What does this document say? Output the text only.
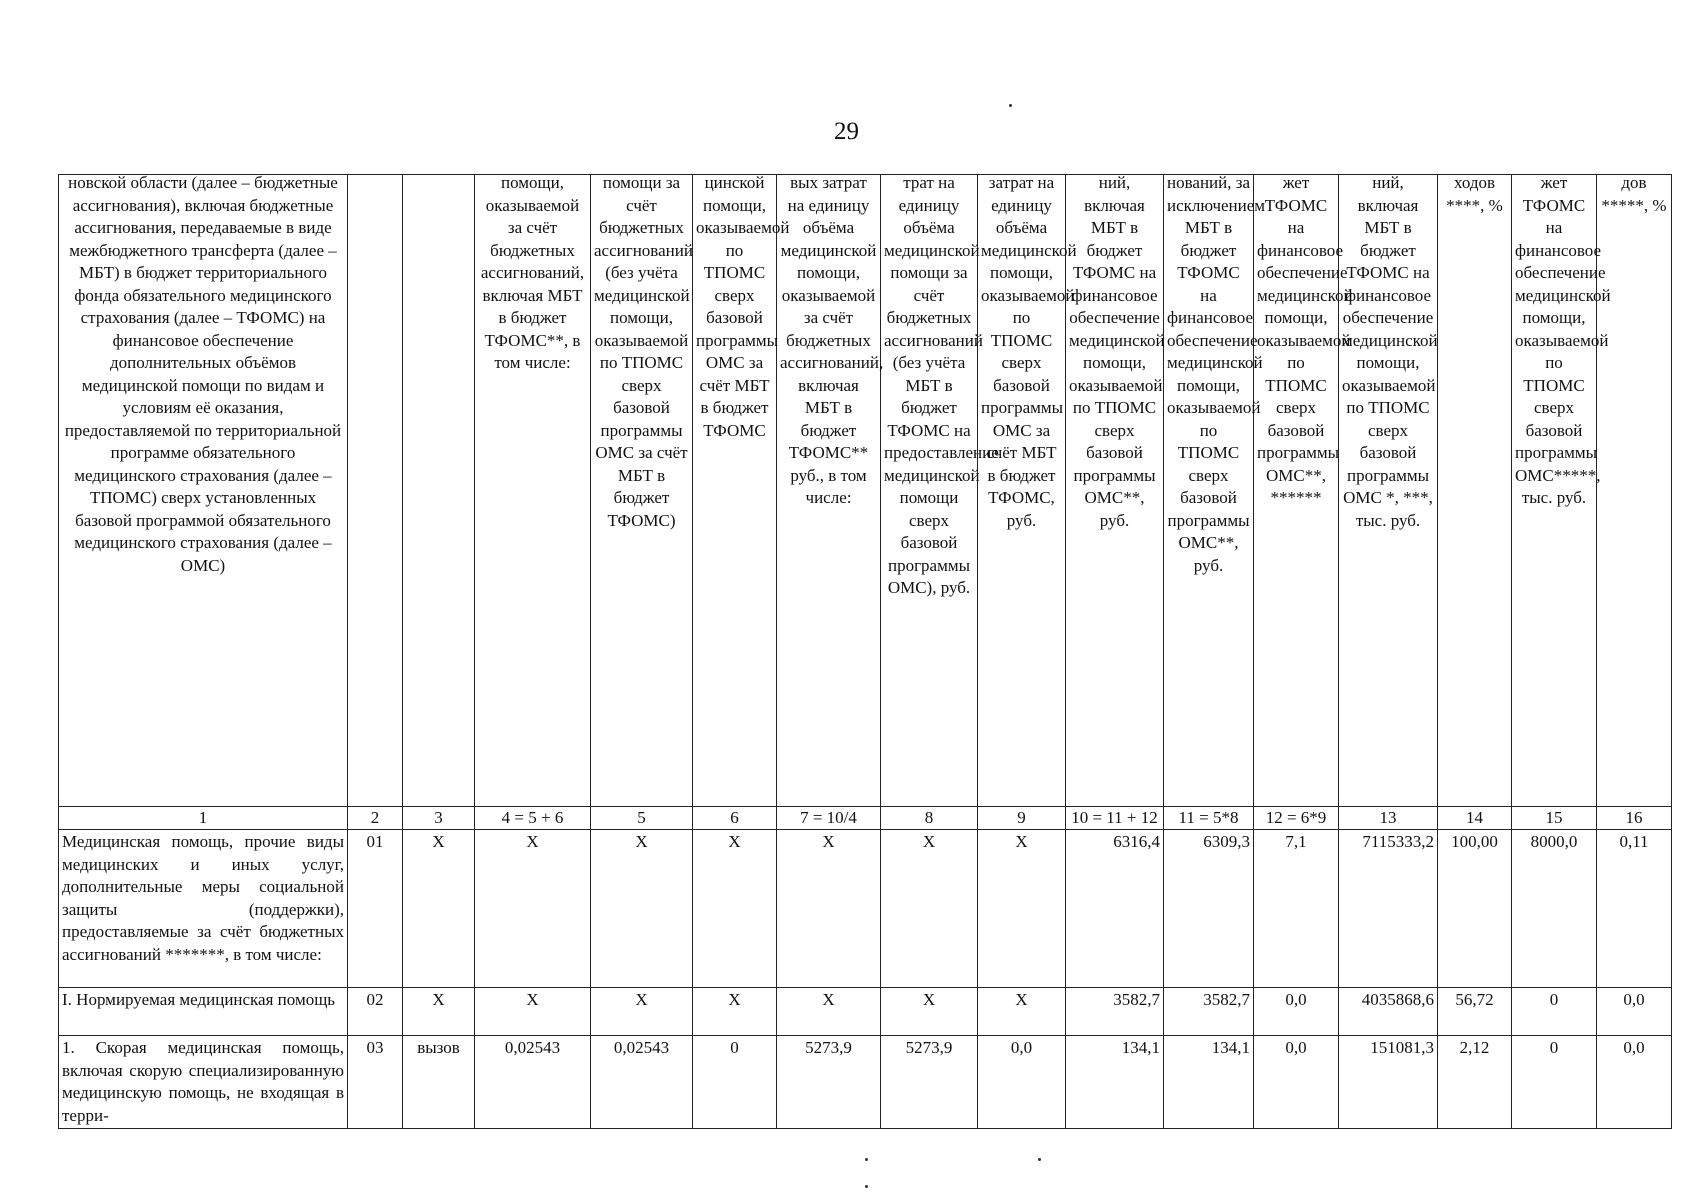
29
новской области (далее – бюджетные ассигнования), включая бюджетные ассигнования, передаваемые в виде межбюджетного трансферта (далее – МБТ) в бюджет территориального фонда обязательного медицинского страхования (далее – ТФОМС) на финансовое обеспечение дополнительных объёмов медицинской помощи по видам и условиям её оказания, предоставляемой по территориальной программе обязательного медицинского страхования (далее – ТПОМС) сверх установленных базовой программой обязательного медицинского страхования (далее – ОМС)			помощи, оказываемой за счёт бюджетных ассигнований, включая МБТ в бюджет ТФОМС**, в том числе:	помощи за счёт бюджетных ассигнований (без учёта медицинской помощи, оказываемой по ТПОМС сверх базовой программы ОМС за счёт МБТ в бюджет ТФОМС)	цинской помощи, оказываемой по ТПОМС сверх базовой программы ОМС за счёт МБТ в бюджет ТФОМС	вых затрат на единицу объёма медицинской помощи, оказываемой за счёт бюджетных ассигнований, включая МБТ в бюджет ТФОМС** руб., в том числе:	трат на единицу объёма медицинской помощи за счёт бюджетных ассигнований (без учёта МБТ в бюджет ТФОМС на предоставление медицинской помощи сверх базовой программы ОМС), руб.	затрат на единицу объёма медицинской помощи, оказываемой по ТПОМС сверх базовой программы ОМС за счёт МБТ в бюджет ТФОМС, руб.	ний, включая МБТ в бюджет ТФОМС на финансовое обеспечение медицинской помощи, оказываемой по ТПОМС сверх базовой программы ОМС**, руб.	нований, за исключением МБТ в бюджет ТФОМС на финансовое обеспечение медицинской помощи, оказываемой по ТПОМС сверх базовой программы ОМС**, руб.	жет ТФОМС на финансовое обеспечение медицинской помощи, оказываемой по ТПОМС сверх базовой программы ОМС**, ******	ний, включая МБТ в бюджет ТФОМС на финансовое обеспечение медицинской помощи, оказываемой по ТПОМС сверх базовой программы ОМС *, ***, тыс. руб.	ходов ****, %	жет ТФОМС на финансовое обеспечение медицинской помощи, оказываемой по ТПОМС сверх базовой программы ОМС*****, тыс. руб.	дов *****, %

1	2	3	4 = 5 + 6	5	6	7 = 10/4	8	9	10 = 11 + 12	11 = 5*8	12 = 6*9	13	14	15	16
Медицинская помощь, прочие виды медицинских и иных услуг, дополнительные меры социальной защиты (поддержки), предоставляемые за счёт бюджетных ассигнований *******, в том числе:	01	Х	Х	Х	Х	Х	Х	Х	6316,4	6309,3	7,1	7115333,2	100,00	8000,0	0,11
I. Нормируемая медицинская помощь	02	Х	Х	Х	Х	Х	Х	Х	3582,7	3582,7	0,0	4035868,6	56,72	0	0,0
1. Скорая медицинская помощь, включая скорую специализированную медицинскую помощь, не входящая в терри-	03	вызов	0,02543	0,02543	0	5273,9	5273,9	0,0	134,1	134,1	0,0	151081,3	2,12	0	0,0
